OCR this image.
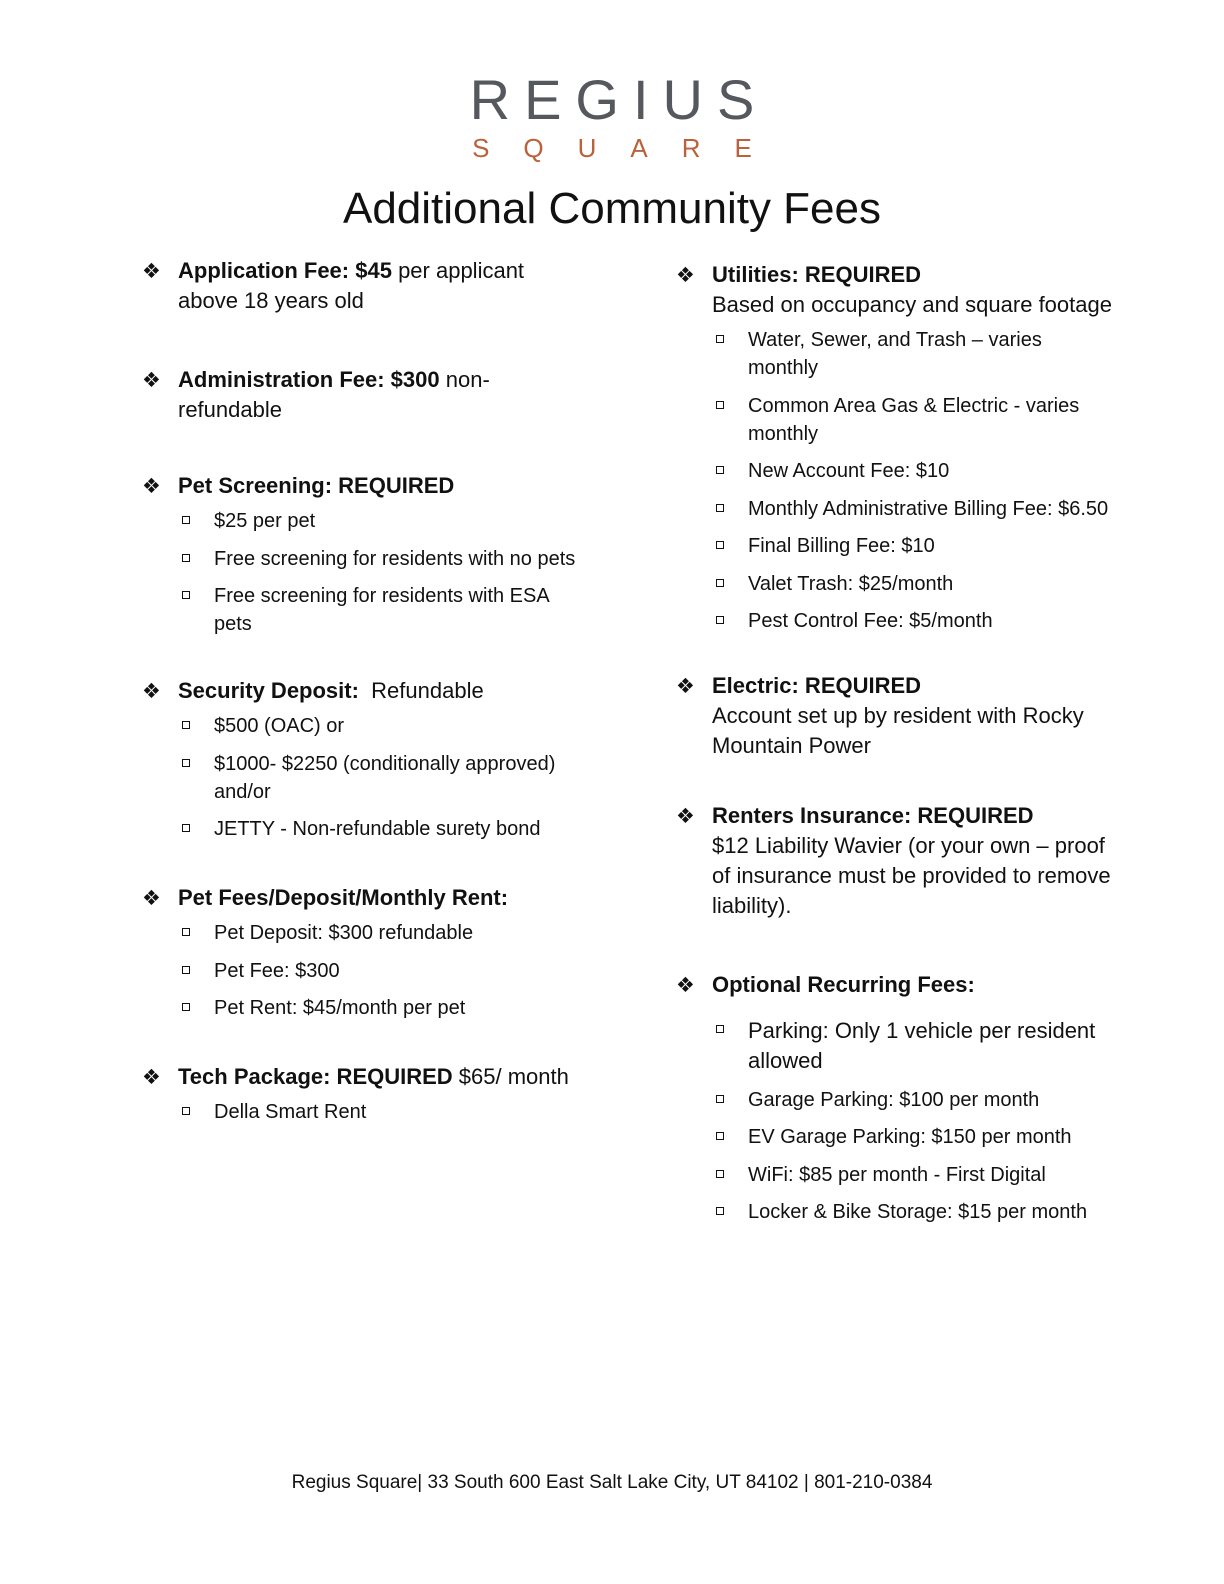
REGIUS
SQUARE
Additional Community Fees
❖ Application Fee: $45 per applicant above 18 years old
❖ Administration Fee: $300 non-refundable
❖ Pet Screening: REQUIRED
$25 per pet
Free screening for residents with no pets
Free screening for residents with ESA pets
❖ Security Deposit:  Refundable
$500 (OAC) or
$1000- $2250 (conditionally approved) and/or
JETTY - Non-refundable surety bond
❖ Pet Fees/Deposit/Monthly Rent:
Pet Deposit: $300 refundable
Pet Fee: $300
Pet Rent: $45/month per pet
❖ Tech Package: REQUIRED $65/ month
Della Smart Rent
❖ Utilities: REQUIRED
Based on occupancy and square footage
Water, Sewer, and Trash – varies monthly
Common Area Gas & Electric - varies monthly
New Account Fee: $10
Monthly Administrative Billing Fee: $6.50
Final Billing Fee: $10
Valet Trash: $25/month
Pest Control Fee: $5/month
❖ Electric: REQUIRED
Account set up by resident with Rocky Mountain Power
❖ Renters Insurance: REQUIRED
$12 Liability Wavier (or your own – proof of insurance must be provided to remove liability).
❖ Optional Recurring Fees:
Parking: Only 1 vehicle per resident allowed
Garage Parking: $100 per month
EV Garage Parking: $150 per month
WiFi: $85 per month - First Digital
Locker & Bike Storage: $15 per month
Regius Square| 33 South 600 East Salt Lake City, UT 84102 | 801-210-0384
